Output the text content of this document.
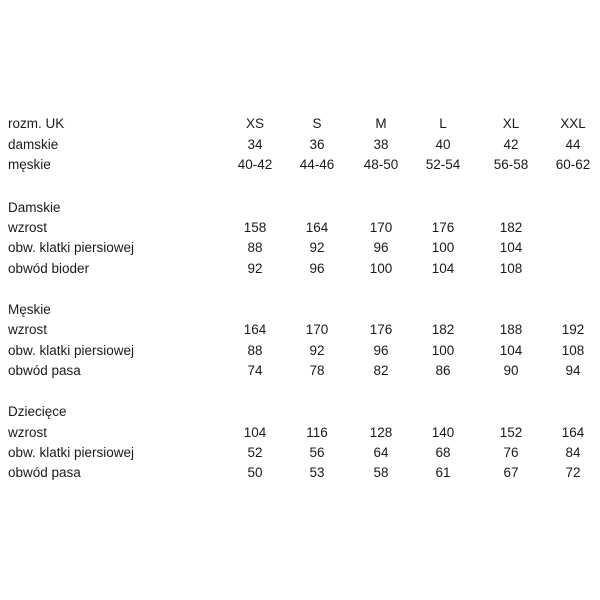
rozm. UK	XS	S	M	L	XL	XXL
damskie	34	36	38	40	42	44
męskie	40-42	44-46	48-50	52-54	56-58	60-62
Damskie
wzrost	158	164	170	176	182
obw. klatki piersiowej	88	92	96	100	104
obwód bioder	92	96	100	104	108
Męskie
wzrost	164	170	176	182	188	192
obw. klatki piersiowej	88	92	96	100	104	108
obwód pasa	74	78	82	86	90	94
Dziecięce
wzrost	104	116	128	140	152	164
obw. klatki piersiowej	52	56	64	68	76	84
obwód pasa	50	53	58	61	67	72
